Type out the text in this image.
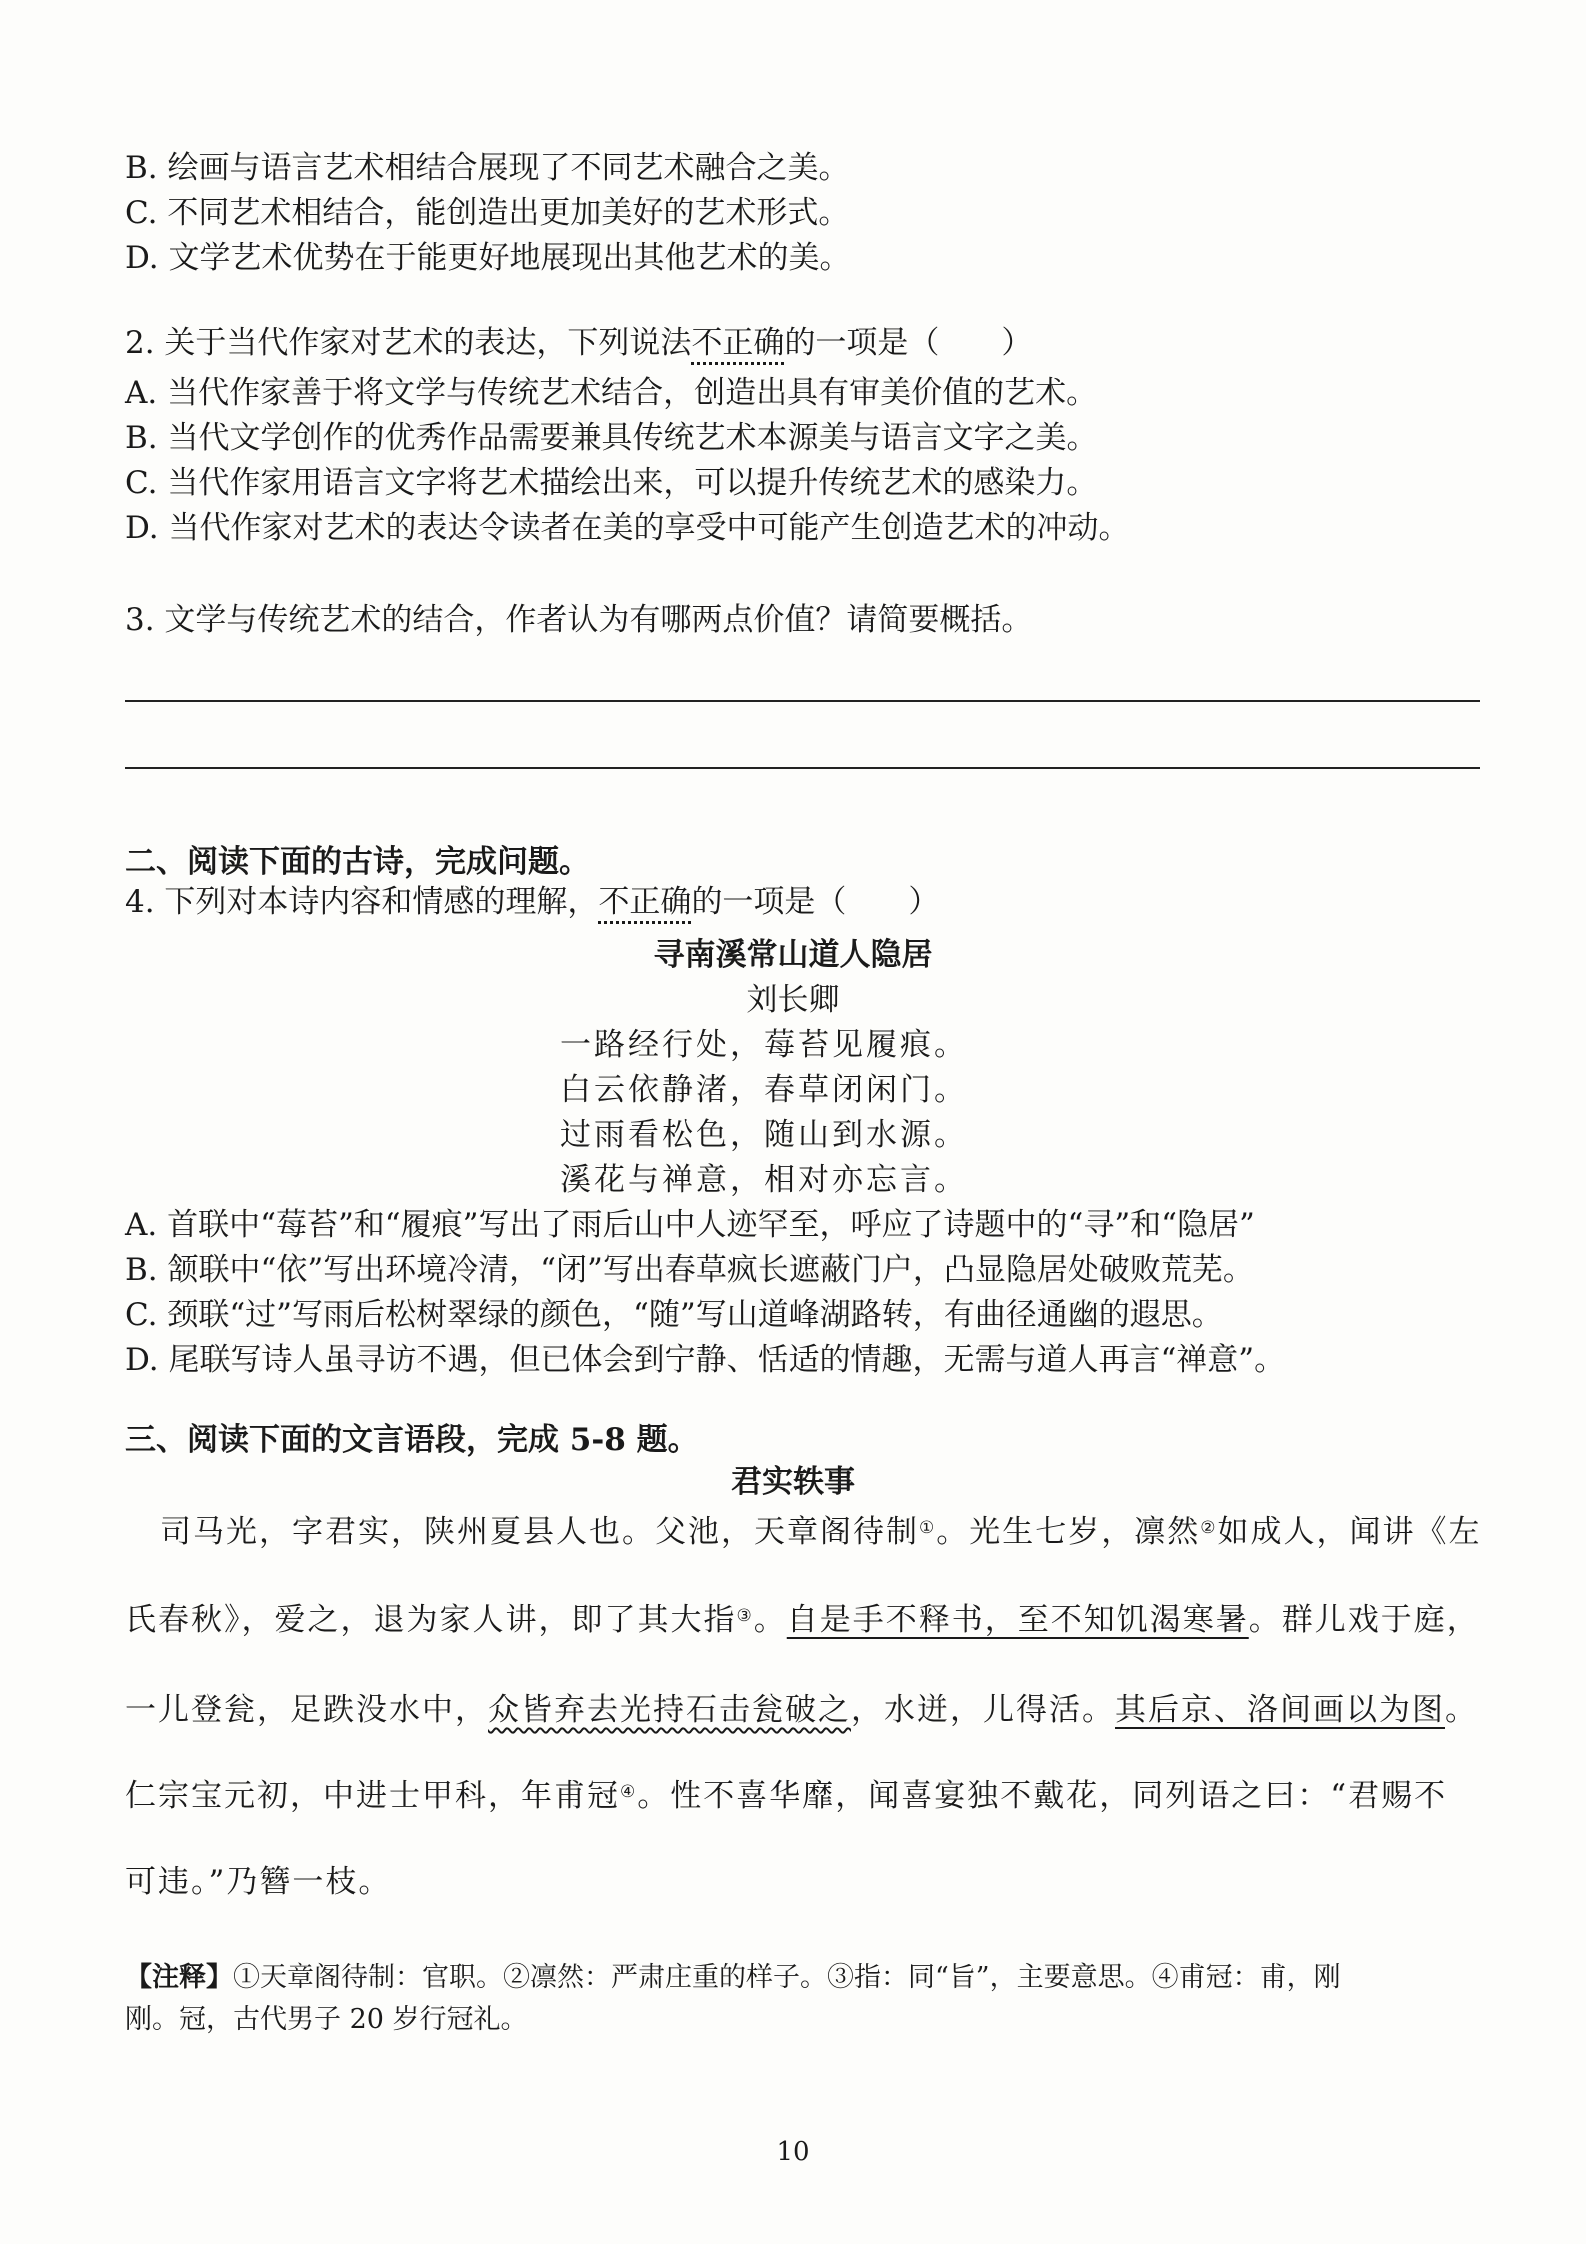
B. 绘画与语言艺术相结合展现了不同艺术融合之美。
C. 不同艺术相结合，能创造出更加美好的艺术形式。
D. 文学艺术优势在于能更好地展现出其他艺术的美。
2. 关于当代作家对艺术的表达，下列说法不正确的一项是（　　）
A. 当代作家善于将文学与传统艺术结合，创造出具有审美价值的艺术。
B. 当代文学创作的优秀作品需要兼具传统艺术本源美与语言文字之美。
C. 当代作家用语言文字将艺术描绘出来，可以提升传统艺术的感染力。
D. 当代作家对艺术的表达令读者在美的享受中可能产生创造艺术的冲动。
3. 文学与传统艺术的结合，作者认为有哪两点价值？请简要概括。
二、阅读下面的古诗，完成问题。
4. 下列对本诗内容和情感的理解，不正确的一项是（　　）
寻南溪常山道人隐居
刘长卿
一路经行处，莓苔见履痕。
白云依静渚，春草闭闲门。
过雨看松色，随山到水源。
溪花与禅意，相对亦忘言。
A. 首联中“莓苔”和“履痕”写出了雨后山中人迹罕至，呼应了诗题中的“寻”和“隐居”
B. 颔联中“依”写出环境冷清，“闭”写出春草疯长遮蔽门户，凸显隐居处破败荒芜。
C. 颈联“过”写雨后松树翠绿的颜色，“随”写山道峰湖路转，有曲径通幽的遐思。
D. 尾联写诗人虽寻访不遇，但已体会到宁静、恬适的情趣，无需与道人再言“禅意”。
三、阅读下面的文言语段，完成 5-8 题。
君实轶事
司马光，字君实，陕州夏县人也。父池，天章阁待制①。光生七岁，凛然②如成人，闻讲《左
氏春秋》，爱之，退为家人讲，即了其大指③。自是手不释书，至不知饥渴寒暑。群儿戏于庭，
一儿登瓮，足跌没水中，众皆弃去光持石击瓮破之，水迸，儿得活。其后京、洛间画以为图。
仁宗宝元初，中进士甲科，年甫冠④。性不喜华靡，闻喜宴独不戴花，同列语之曰：“君赐不
可违。”乃簪一枝。
【注释】①天章阁待制：官职。②凛然：严肃庄重的样子。③指：同“旨”，主要意思。④甫冠：甫，刚
刚。冠，古代男子 20 岁行冠礼。
10
